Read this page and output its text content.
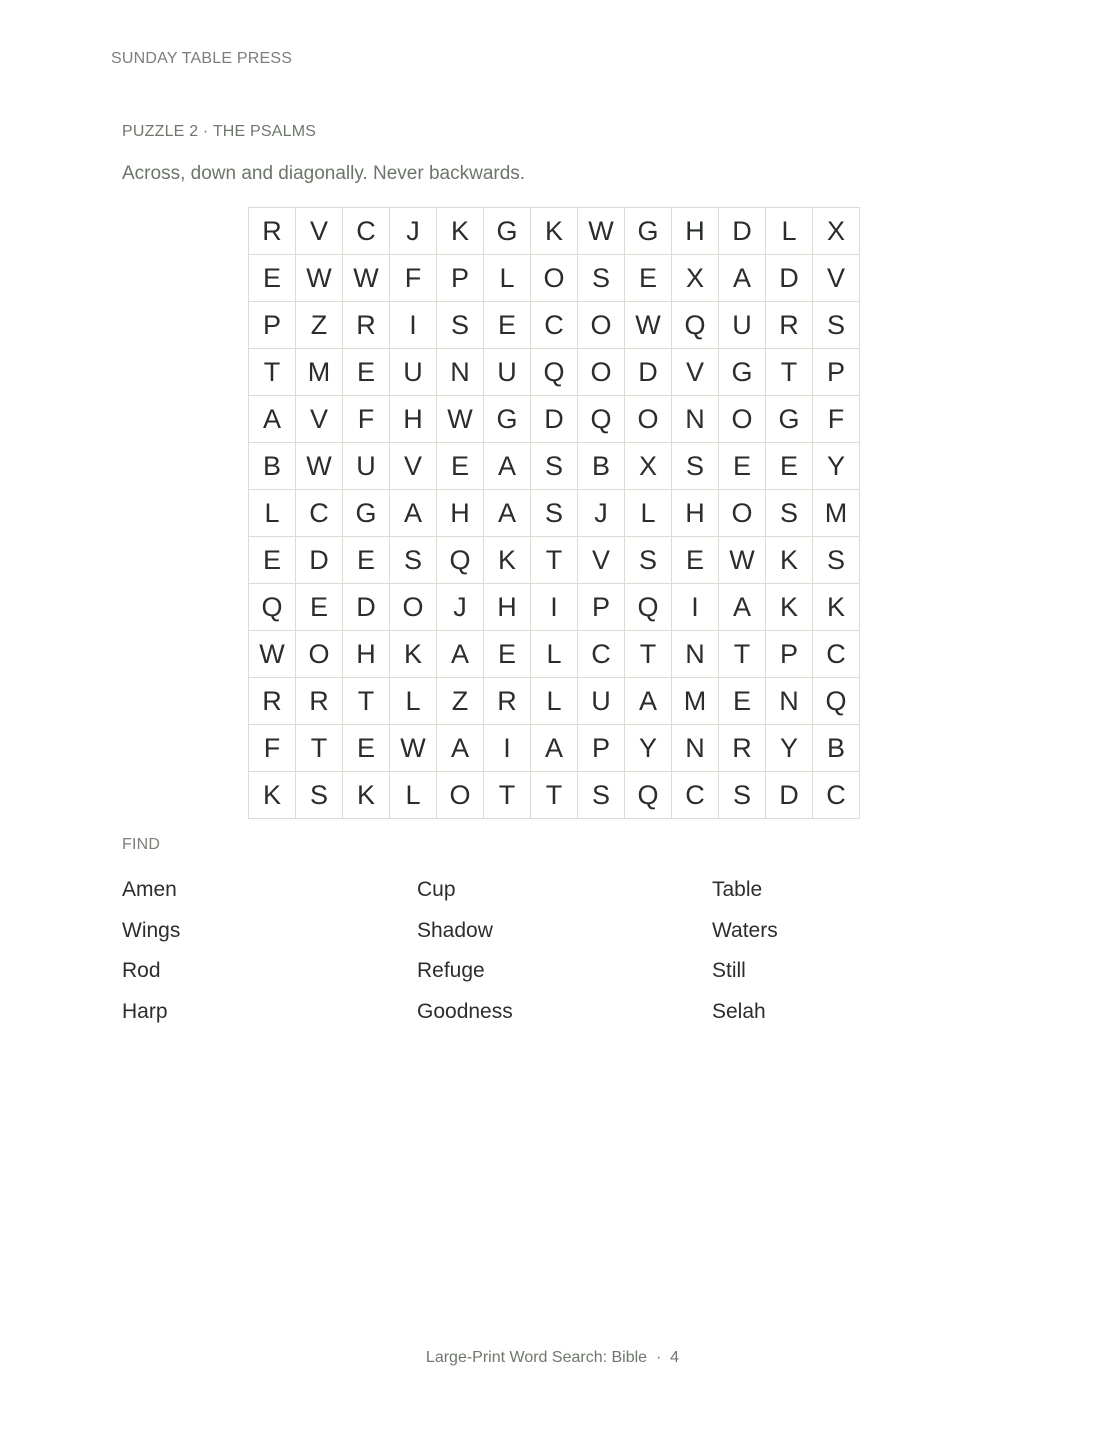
SUNDAY TABLE PRESS
PUZZLE 2 · THE PSALMS
Across, down and diagonally. Never backwards.
R	V	C	J	K	G	K W G H	D	L	X
E W W F	P	L	O	S	E	X	A	D	V
P	Z	R	I	S	E	C O W Q U	R	S
T	M E	U	N	U Q O D	V	G	T	P
A	V	F	H W G D Q O N O G	F
B W U	V	E	A	S	B	X	S	E	E	Y
L	C G	A	H	A	S	J	L	H O	S M
E	D	E	S	Q	K	T	V	S	E W K	S
Q	E	D O	J	H	I	P	Q	I	A	K	K
W O H	K	A	E	L	C	T	N	T	P	C
R	R	T	L	Z	R	L	U	A M E	N Q
F	T	E W A	I	A	P	Y	N	R	Y	B
K	S	K	L	O	T	T	S	Q C	S	D	C
FIND
Amen	Cup	Table
Wings	Shadow	Waters
Rod	Refuge	Still
Harp	Goodness	Selah
Large-Print Word Search: Bible · 4
